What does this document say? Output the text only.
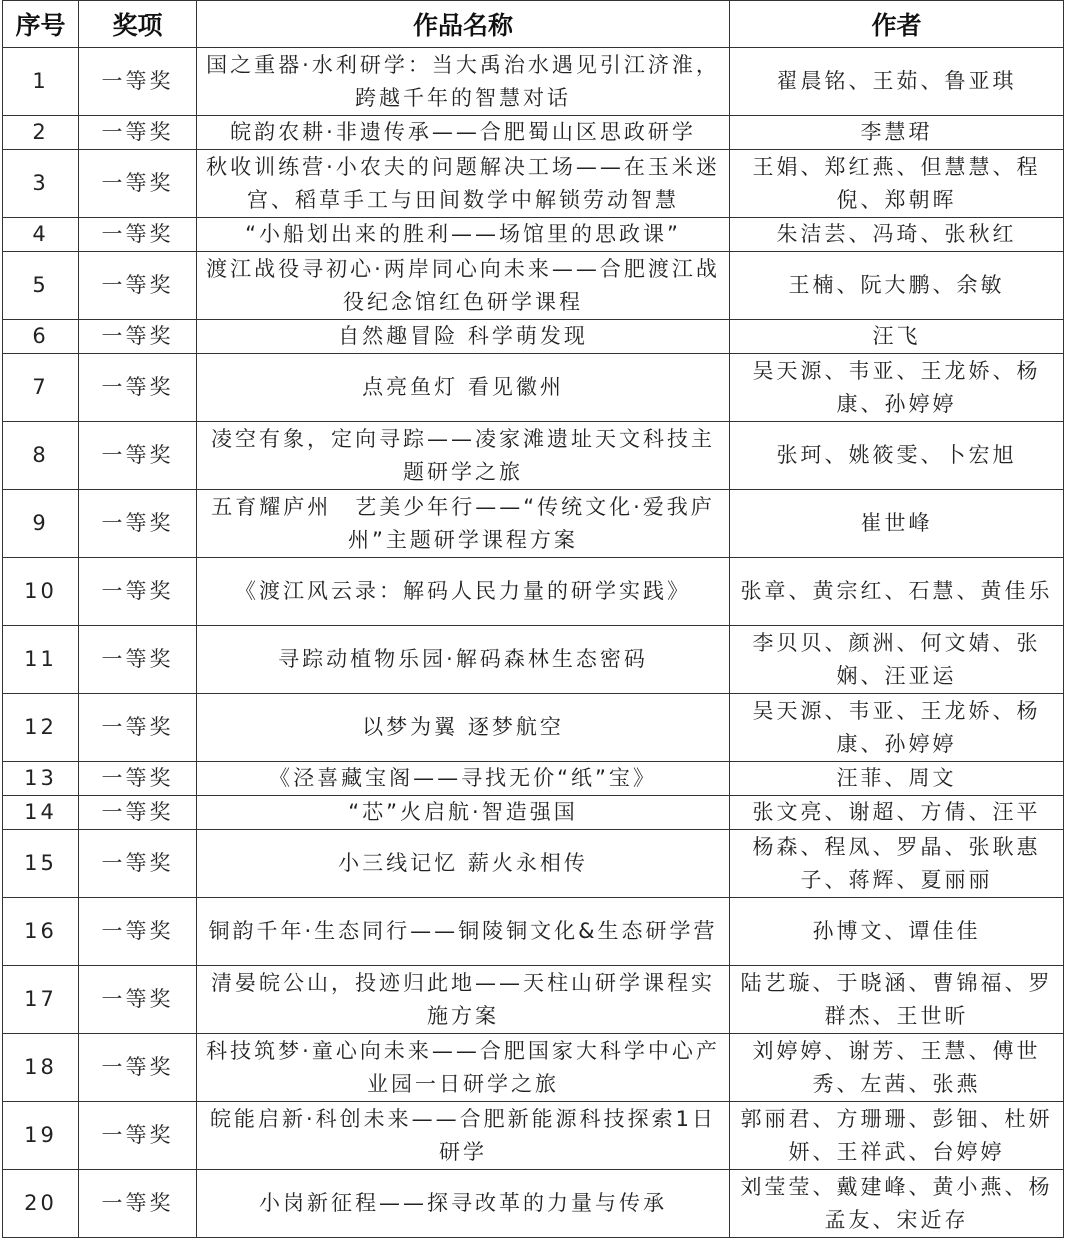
序号	奖项	作品名称	作者
1	一等奖	国之重器·水利研学：当大禹治水遇见引江济淮，跨越千年的智慧对话	翟晨铭、王茹、鲁亚琪
2	一等奖	皖韵农耕·非遗传承——合肥蜀山区思政研学	李慧珺
3	一等奖	秋收训练营·小农夫的问题解决工场——在玉米迷宫、稻草手工与田间数学中解锁劳动智慧	王娟、郑红燕、但慧慧、程倪、郑朝晖
4	一等奖	“小船划出来的胜利——场馆里的思政课”	朱洁芸、冯琦、张秋红
5	一等奖	渡江战役寻初心·两岸同心向未来——合肥渡江战役纪念馆红色研学课程	王楠、阮大鹏、余敏
6	一等奖	自然趣冒险 科学萌发现	汪飞
7	一等奖	点亮鱼灯 看见徽州	吴天源、韦亚、王龙娇、杨康、孙婷婷
8	一等奖	凌空有象，定向寻踪——凌家滩遗址天文科技主题研学之旅	张珂、姚筱雯、卜宏旭
9	一等奖	五育耀庐州　艺美少年行——“传统文化·爱我庐州”主题研学课程方案	崔世峰
10	一等奖	《渡江风云录：解码人民力量的研学实践》	张章、黄宗红、石慧、黄佳乐
11	一等奖	寻踪动植物乐园·解码森林生态密码	李贝贝、颜洲、何文婧、张娴、汪亚运
12	一等奖	以梦为翼 逐梦航空	吴天源、韦亚、王龙娇、杨康、孙婷婷
13	一等奖	《泾喜藏宝阁——寻找无价“纸”宝》	汪菲、周文
14	一等奖	“芯”火启航·智造强国	张文亮、谢超、方倩、汪平
15	一等奖	小三线记忆 薪火永相传	杨森、程凤、罗晶、张耿惠子、蒋辉、夏丽丽
16	一等奖	铜韵千年·生态同行——铜陵铜文化&生态研学营	孙博文、谭佳佳
17	一等奖	清晏皖公山，投迹归此地——天柱山研学课程实施方案	陆艺璇、于晓涵、曹锦福、罗群杰、王世昕
18	一等奖	科技筑梦·童心向未来——合肥国家大科学中心产业园一日研学之旅	刘婷婷、谢芳、王慧、傅世秀、左茜、张燕
19	一等奖	皖能启新·科创未来——合肥新能源科技探索1日研学	郭丽君、方珊珊、彭钿、杜妍妍、王祥武、台婷婷
20	一等奖	小岗新征程——探寻改革的力量与传承	刘莹莹、戴建峰、黄小燕、杨孟友、宋近存
